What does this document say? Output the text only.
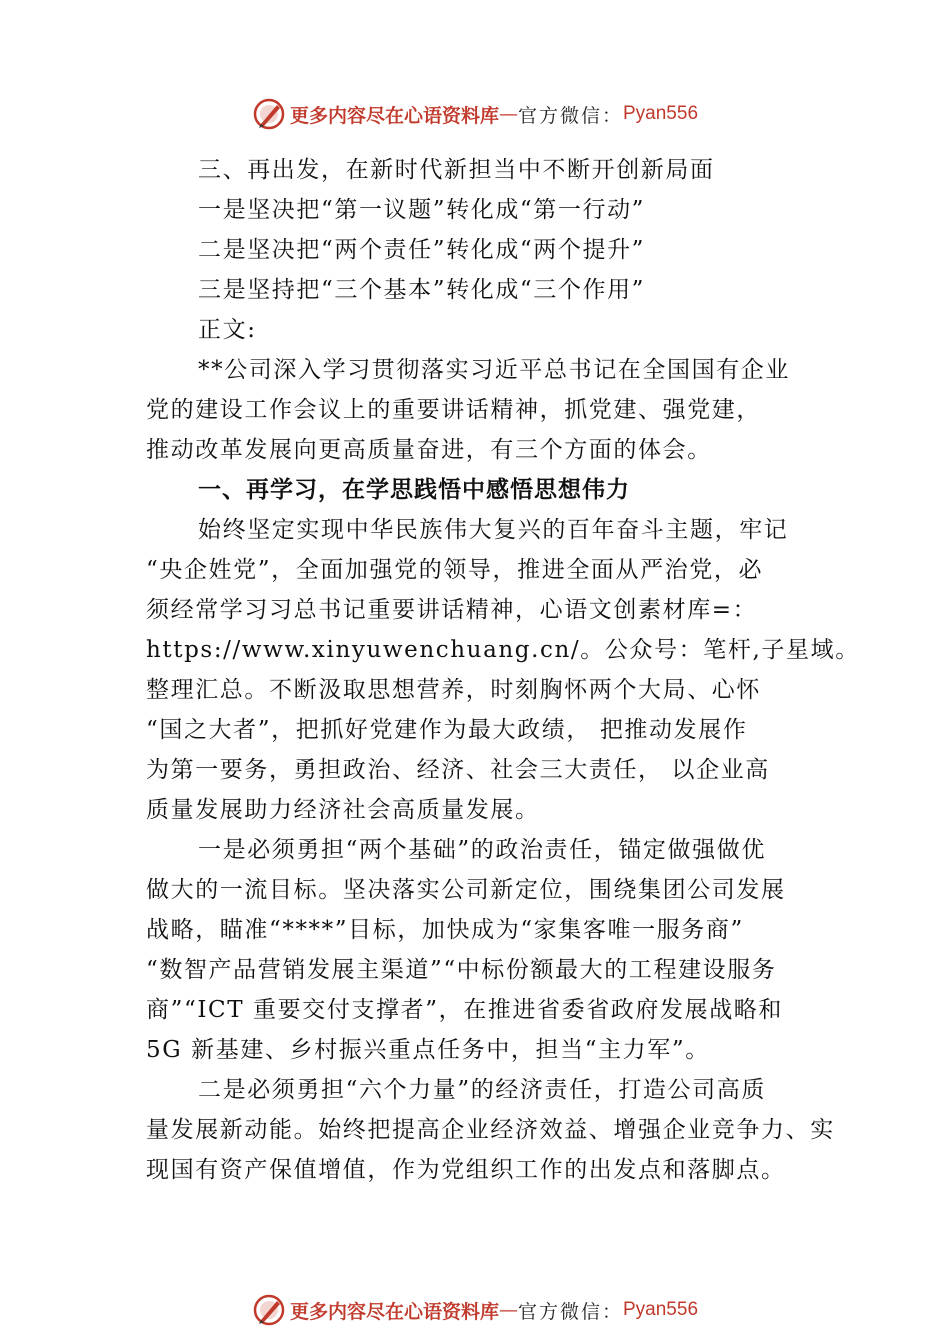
更多内容尽在心语资料库 — 官方微信： Pyan556
三、再出发，在新时代新担当中不断开创新局面
一是坚决把“第一议题”转化成“第一行动”
二是坚决把“两个责任”转化成“两个提升”
三是坚持把“三个基本”转化成“三个作用”
正文:
**公司深入学习贯彻落实习近平总书记在全国国有企业
党的建设工作会议上的重要讲话精神，抓党建、强党建，
推动改革发展向更高质量奋进，有三个方面的体会。
一、再学习，在学思践悟中感悟思想伟力
始终坚定实现中华民族伟大复兴的百年奋斗主题，牢记
“央企姓党”，全面加强党的领导，推进全面从严治党，必
须经常学习习总书记重要讲话精神，心语文创素材库=：
https://www.xinyuwenchuang.cn/。公众号：笔杆,子星域。
整理汇总。不断汲取思想营养，时刻胸怀两个大局、心怀
“国之大者”，把抓好党建作为最大政绩， 把推动发展作
为第一要务，勇担政治、经济、社会三大责任， 以企业高
质量发展助力经济社会高质量发展。
一是必须勇担“两个基础”的政治责任，锚定做强做优
做大的一流目标。坚决落实公司新定位，围绕集团公司发展
战略，瞄准“****”目标，加快成为“家集客唯一服务商”
“数智产品营销发展主渠道”“中标份额最大的工程建设服务
商”“ICT 重要交付支撑者”，在推进省委省政府发展战略和
5G 新基建、乡村振兴重点任务中，担当“主力军”。
二是必须勇担“六个力量”的经济责任，打造公司高质
量发展新动能。始终把提高企业经济效益、增强企业竞争力、实
现国有资产保值增值，作为党组织工作的出发点和落脚点。
更多内容尽在心语资料库 — 官方微信： Pyan556
